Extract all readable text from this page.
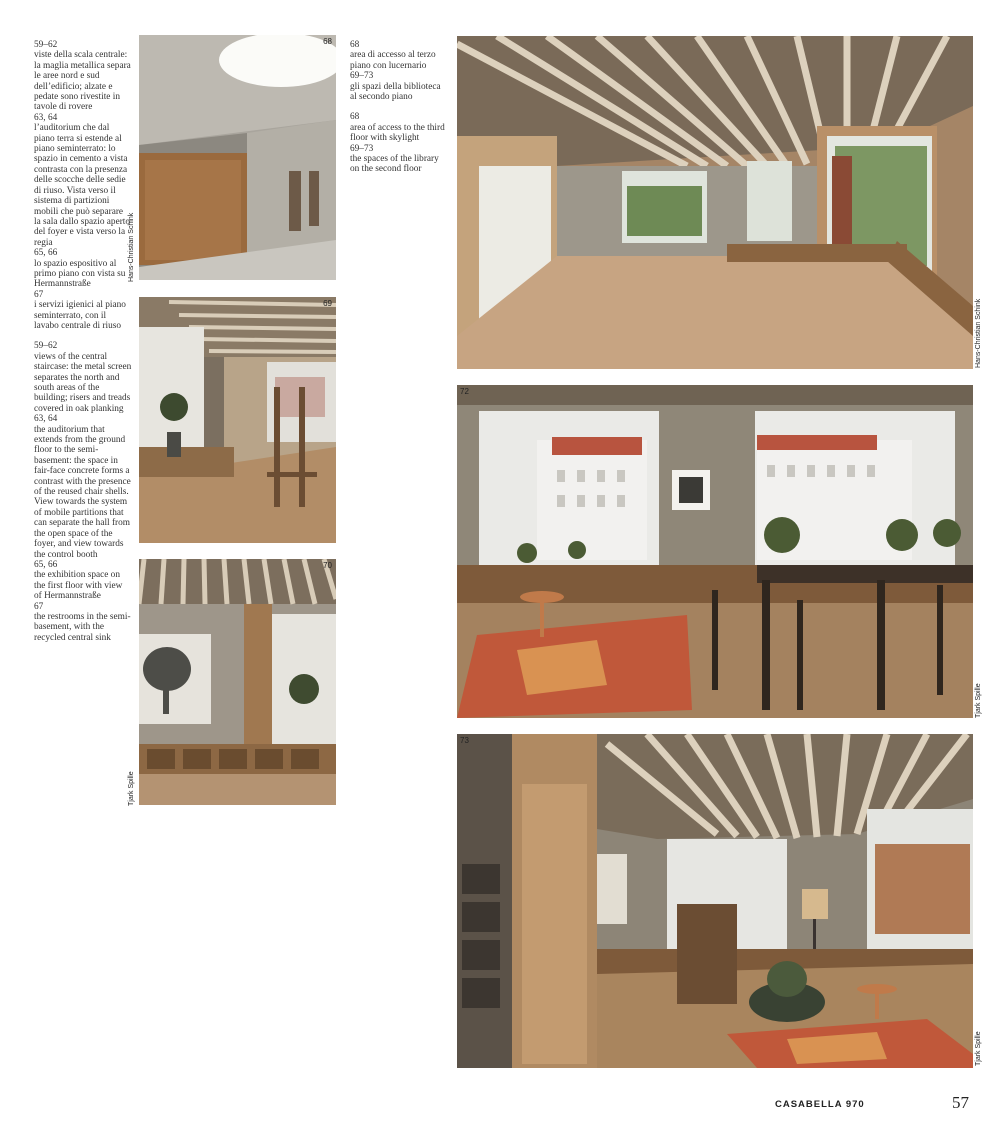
59–62
viste della scala centrale: la maglia metallica separa le aree nord e sud dell’edificio; alzate e pedate sono rivestite in tavole di rovere

63, 64
l’auditorium che dal piano terra si estende al piano seminterrato: lo spazio in cemento a vista contrasta con la presenza delle scocche delle sedie di riuso. Vista verso il sistema di partizioni mobili che può separare la sala dallo spazio aperto del foyer e vista verso la regia

65, 66
lo spazio espositivo al primo piano con vista su Hermannstraße

67
i servizi igienici al piano seminterrato, con il lavabo centrale di riuso

59–62
views of the central staircase: the metal screen separates the north and south areas of the building; risers and treads covered in oak planking

63, 64
the auditorium that extends from the ground floor to the semi-basement: the space in fair-face concrete forms a contrast with the presence of the reused chair shells. View towards the system of mobile partitions that can separate the hall from the open space of the foyer, and view towards the control booth

65, 66
the exhibition space on the first floor with view of Hermannstraße

67
the restrooms in the semi-basement, with the recycled central sink

68
area di accesso al terzo piano con lucernario

69–73
gli spazi della biblioteca al secondo piano

68
area of access to the third floor with skylight

69–73
the spaces of the library on the second floor

68
Hans-Christian Schink
69
70
Tjark Spille
Hans-Christian Schink
72
Tjark Spille
73
Tjark Spille
CASABELLA 970	57
